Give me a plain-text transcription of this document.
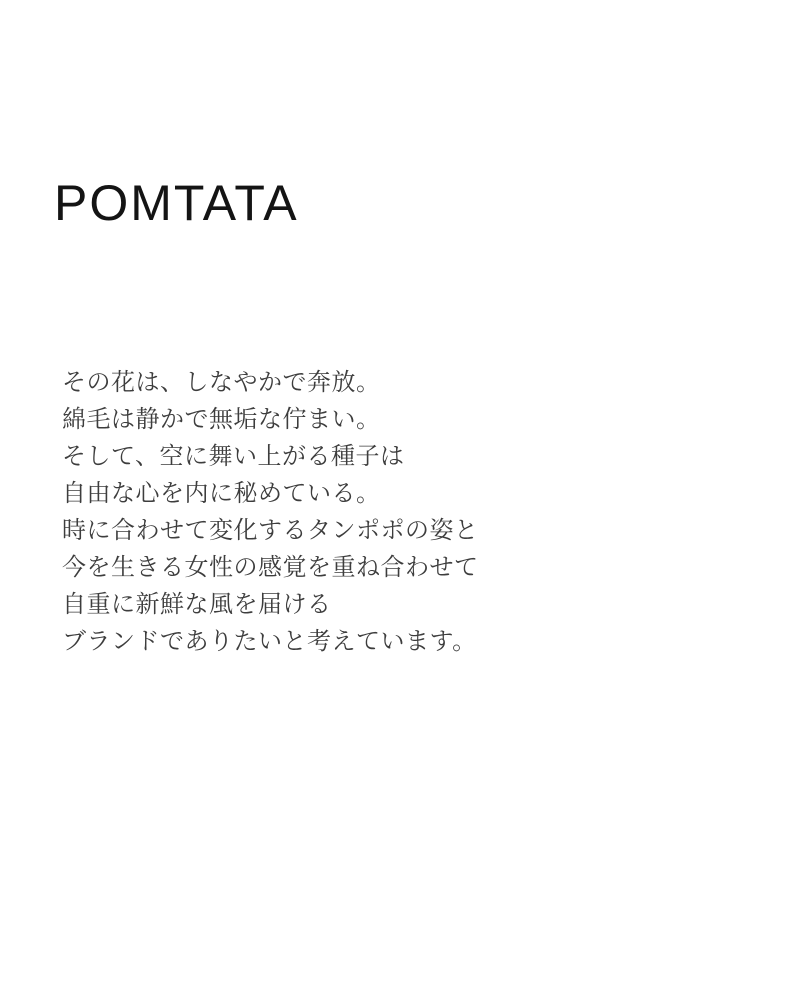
POMTATA
その花は、しなやかで奔放。
綿毛は静かで無垢な佇まい。
そして、空に舞い上がる種子は
自由な心を内に秘めている。
時に合わせて変化するタンポポの姿と
今を生きる女性の感覚を重ね合わせて
自重に新鮮な風を届ける
ブランドでありたいと考えています。
